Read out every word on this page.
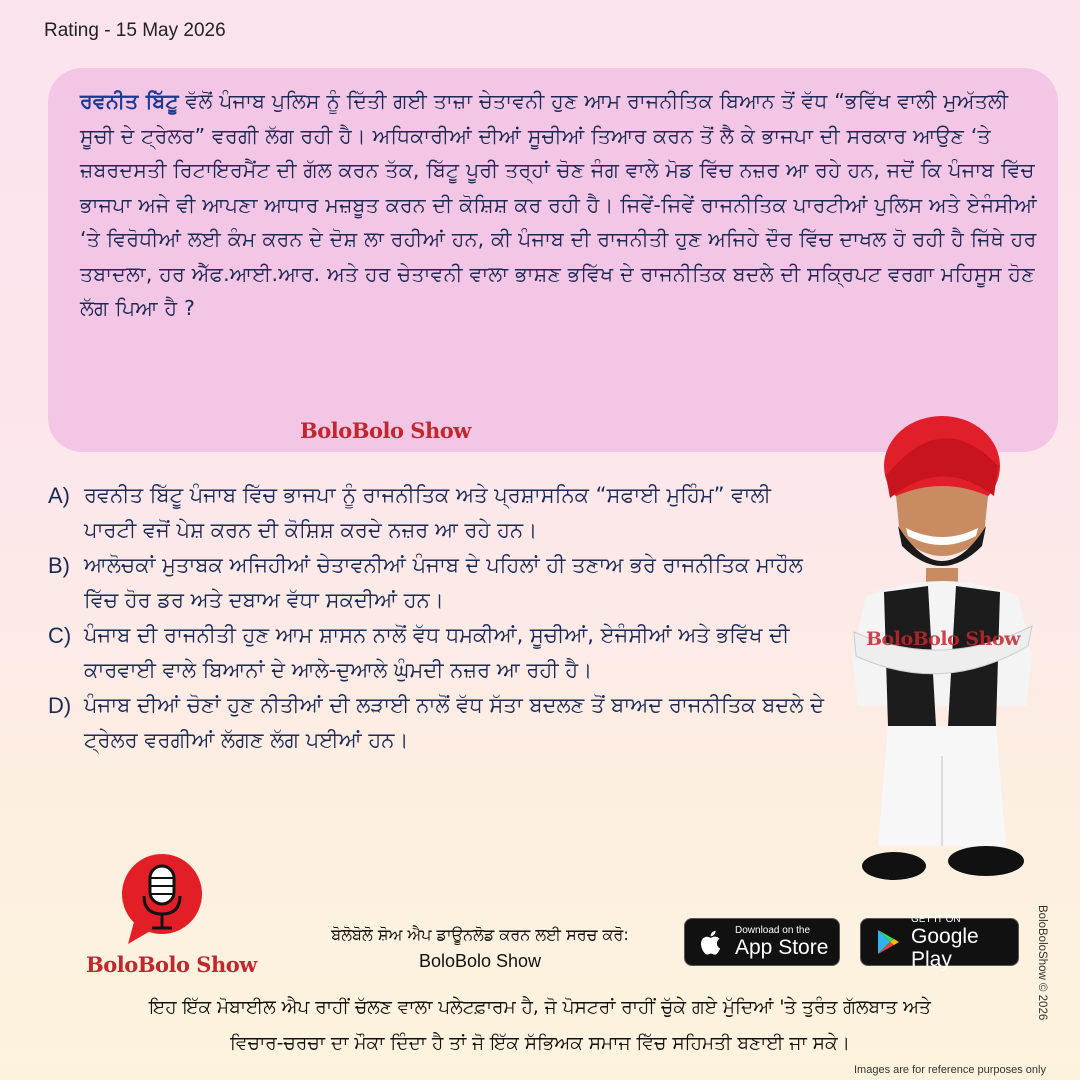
Rating - 15 May 2026
ਰਵਨੀਤ ਬਿੱਟੂ ਵੱਲੋਂ ਪੰਜਾਬ ਪੁਲਿਸ ਨੂੰ ਦਿੱਤੀ ਗਈ ਤਾਜ਼ਾ ਚੇਤਾਵਨੀ ਹੁਣ ਆਮ ਰਾਜਨੀਤਿਕ ਬਿਆਨ ਤੋਂ ਵੱਧ “ਭਵਿੱਖ ਵਾਲੀ ਮੁਅੱਤਲੀ ਸੂਚੀ ਦੇ ਟ੍ਰੇਲਰ” ਵਰਗੀ ਲੱਗ ਰਹੀ ਹੈ। ਅਧਿਕਾਰੀਆਂ ਦੀਆਂ ਸੂਚੀਆਂ ਤਿਆਰ ਕਰਨ ਤੋਂ ਲੈ ਕੇ ਭਾਜਪਾ ਦੀ ਸਰਕਾਰ ਆਉਣ ‘ਤੇ ਜ਼ਬਰਦਸਤੀ ਰਿਟਾਇਰਮੈਂਟ ਦੀ ਗੱਲ ਕਰਨ ਤੱਕ, ਬਿੱਟੂ ਪੂਰੀ ਤਰ੍ਹਾਂ ਚੋਣ ਜੰਗ ਵਾਲੇ ਮੋਡ ਵਿੱਚ ਨਜ਼ਰ ਆ ਰਹੇ ਹਨ, ਜਦੋਂ ਕਿ ਪੰਜਾਬ ਵਿੱਚ ਭਾਜਪਾ ਅਜੇ ਵੀ ਆਪਣਾ ਆਧਾਰ ਮਜ਼ਬੂਤ ਕਰਨ ਦੀ ਕੋਸ਼ਿਸ਼ ਕਰ ਰਹੀ ਹੈ। ਜਿਵੇਂ-ਜਿਵੇਂ ਰਾਜਨੀਤਿਕ ਪਾਰਟੀਆਂ ਪੁਲਿਸ ਅਤੇ ਏਜੰਸੀਆਂ ‘ਤੇ ਵਿਰੋਧੀਆਂ ਲਈ ਕੰਮ ਕਰਨ ਦੇ ਦੋਸ਼ ਲਾ ਰਹੀਆਂ ਹਨ, ਕੀ ਪੰਜਾਬ ਦੀ ਰਾਜਨੀਤੀ ਹੁਣ ਅਜਿਹੇ ਦੌਰ ਵਿੱਚ ਦਾਖਲ ਹੋ ਰਹੀ ਹੈ ਜਿੱਥੇ ਹਰ ਤਬਾਦਲਾ, ਹਰ ਐੱਫ.ਆਈ.ਆਰ. ਅਤੇ ਹਰ ਚੇਤਾਵਨੀ ਵਾਲਾ ਭਾਸ਼ਣ ਭਵਿੱਖ ਦੇ ਰਾਜਨੀਤਿਕ ਬਦਲੇ ਦੀ ਸਕ੍ਰਿਪਟ ਵਰਗਾ ਮਹਿਸੂਸ ਹੋਣ ਲੱਗ ਪਿਆ ਹੈ ?
BoloBolo Show
A) ਰਵਨੀਤ ਬਿੱਟੂ ਪੰਜਾਬ ਵਿੱਚ ਭਾਜਪਾ ਨੂੰ ਰਾਜਨੀਤਿਕ ਅਤੇ ਪ੍ਰਸ਼ਾਸਨਿਕ “ਸਫਾਈ ਮੁਹਿੰਮ” ਵਾਲੀ ਪਾਰਟੀ ਵਜੋਂ ਪੇਸ਼ ਕਰਨ ਦੀ ਕੋਸ਼ਿਸ਼ ਕਰਦੇ ਨਜ਼ਰ ਆ ਰਹੇ ਹਨ।
B) ਆਲੋਚਕਾਂ ਮੁਤਾਬਕ ਅਜਿਹੀਆਂ ਚੇਤਾਵਨੀਆਂ ਪੰਜਾਬ ਦੇ ਪਹਿਲਾਂ ਹੀ ਤਣਾਅ ਭਰੇ ਰਾਜਨੀਤਿਕ ਮਾਹੌਲ ਵਿੱਚ ਹੋਰ ਡਰ ਅਤੇ ਦਬਾਅ ਵੱਧਾ ਸਕਦੀਆਂ ਹਨ।
C) ਪੰਜਾਬ ਦੀ ਰਾਜਨੀਤੀ ਹੁਣ ਆਮ ਸ਼ਾਸਨ ਨਾਲੋਂ ਵੱਧ ਧਮਕੀਆਂ, ਸੂਚੀਆਂ, ਏਜੰਸੀਆਂ ਅਤੇ ਭਵਿੱਖ ਦੀ ਕਾਰਵਾਈ ਵਾਲੇ ਬਿਆਨਾਂ ਦੇ ਆਲੇ-ਦੁਆਲੇ ਘੁੰਮਦੀ ਨਜ਼ਰ ਆ ਰਹੀ ਹੈ।
D) ਪੰਜਾਬ ਦੀਆਂ ਚੋਣਾਂ ਹੁਣ ਨੀਤੀਆਂ ਦੀ ਲੜਾਈ ਨਾਲੋਂ ਵੱਧ ਸੱਤਾ ਬਦਲਣ ਤੋਂ ਬਾਅਦ ਰਾਜਨੀਤਿਕ ਬਦਲੇ ਦੇ ਟ੍ਰੇਲਰ ਵਰਗੀਆਂ ਲੱਗਣ ਲੱਗ ਪਈਆਂ ਹਨ।
BoloBolo Show
BoloBolo Show
ਬੋਲੋਬੋਲੋ ਸ਼ੋਅ ਐਪ ਡਾਊਨਲੋਡ ਕਰਨ ਲਈ ਸਰਚ ਕਰੋ:
BoloBolo Show
Download on the
App Store
GET IT ON
Google Play
ਇਹ ਇੱਕ ਮੋਬਾਈਲ ਐਪ ਰਾਹੀਂ ਚੱਲਣ ਵਾਲਾ ਪਲੇਟਫ਼ਾਰਮ ਹੈ, ਜੋ ਪੋਸਟਰਾਂ ਰਾਹੀਂ ਚੁੱਕੇ ਗਏ ਮੁੱਦਿਆਂ 'ਤੇ ਤੁਰੰਤ ਗੱਲਬਾਤ ਅਤੇ
ਵਿਚਾਰ-ਚਰਚਾ ਦਾ ਮੌਕਾ ਦਿੰਦਾ ਹੈ ਤਾਂ ਜੋ ਇੱਕ ਸੱਭਿਅਕ ਸਮਾਜ ਵਿੱਚ ਸਹਿਮਤੀ ਬਣਾਈ ਜਾ ਸਕੇ।
BoloBoloShow © 2026
Images are for reference purposes only
